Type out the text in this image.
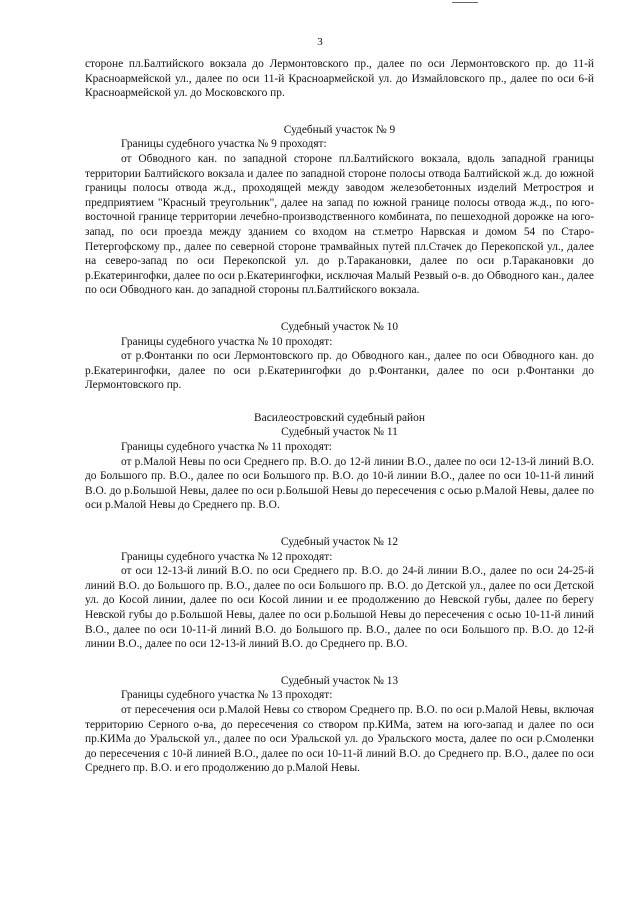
3

стороне пл.Балтийского вокзала до Лермонтовского пр., далее по оси Лермонтовского пр. до 11-й Красноармейской ул., далее по оси 11-й Красноармейской ул. до Измайловского пр., далее по оси 6-й Красноармейской ул. до Московского пр.

Судебный участок № 9

Границы судебного участка № 9 проходят:

от Обводного кан. по западной стороне пл.Балтийского вокзала, вдоль западной границы территории Балтийского вокзала и далее по западной стороне полосы отвода Балтийской ж.д. до южной границы полосы отвода ж.д., проходящей между заводом железобетонных изделий Метростроя и предприятием "Красный треугольник", далее на запад по южной границе полосы отвода ж.д., по юго-восточной границе территории лечебно-производственного комбината, по пешеходной дорожке на юго-запад, по оси проезда между зданием со входом на ст.метро Нарвская и домом 54 по Старо-Петергофскому пр., далее по северной стороне трамвайных путей пл.Стачек до Перекопской ул., далее на северо-запад по оси Перекопской ул. до р.Таракановки, далее по оси р.Таракановки до р.Екатерингофки, далее по оси р.Екатерингофки, исключая Малый Резвый о-в. до Обводного кан., далее по оси Обводного кан. до западной стороны пл.Балтийского вокзала.

Судебный участок № 10

Границы судебного участка № 10 проходят:

от р.Фонтанки по оси Лермонтовского пр. до Обводного кан., далее по оси Обводного кан. до р.Екатерингофки, далее по оси р.Екатерингофки до р.Фонтанки, далее по оси р.Фонтанки до Лермонтовского пр.

Василеостровский судебный район

Судебный участок № 11

Границы судебного участка № 11 проходят:

от р.Малой Невы по оси Среднего пр. В.О. до 12-й линии В.О., далее по оси 12-13-й линий В.О. до Большого пр. В.О., далее по оси Большого пр. В.О. до 10-й линии В.О., далее по оси 10-11-й линий В.О. до р.Большой Невы, далее по оси р.Большой Невы до пересечения с осью р.Малой Невы, далее по оси р.Малой Невы до Среднего пр. В.О.

Судебный участок № 12

Границы судебного участка № 12 проходят:

от оси 12-13-й линий В.О. по оси Среднего пр. В.О. до 24-й линии В.О., далее по оси 24-25-й линий В.О. до Большого пр. В.О., далее по оси Большого пр. В.О. до Детской ул., далее по оси Детской ул. до Косой линии, далее по оси Косой линии и ее продолжению до Невской губы, далее по берегу Невской губы до р.Большой Невы, далее по оси р.Большой Невы до пересечения с осью 10-11-й линий В.О., далее по оси 10-11-й линий В.О. до Большого пр. В.О., далее по оси Большого пр. В.О. до 12-й линии В.О., далее по оси 12-13-й линий В.О. до Среднего пр. В.О.

Судебный участок № 13

Границы судебного участка № 13 проходят:

от пересечения оси р.Малой Невы со створом Среднего пр. В.О. по оси р.Малой Невы, включая территорию Серного о-ва, до пересечения со створом пр.КИМа, затем на юго-запад и далее по оси пр.КИМа до Уральской ул., далее по оси Уральской ул. до Уральского моста, далее по оси р.Смоленки до пересечения с 10-й линией В.О., далее по оси 10-11-й линий В.О. до Среднего пр. В.О., далее по оси Среднего пр. В.О. и его продолжению до р.Малой Невы.
